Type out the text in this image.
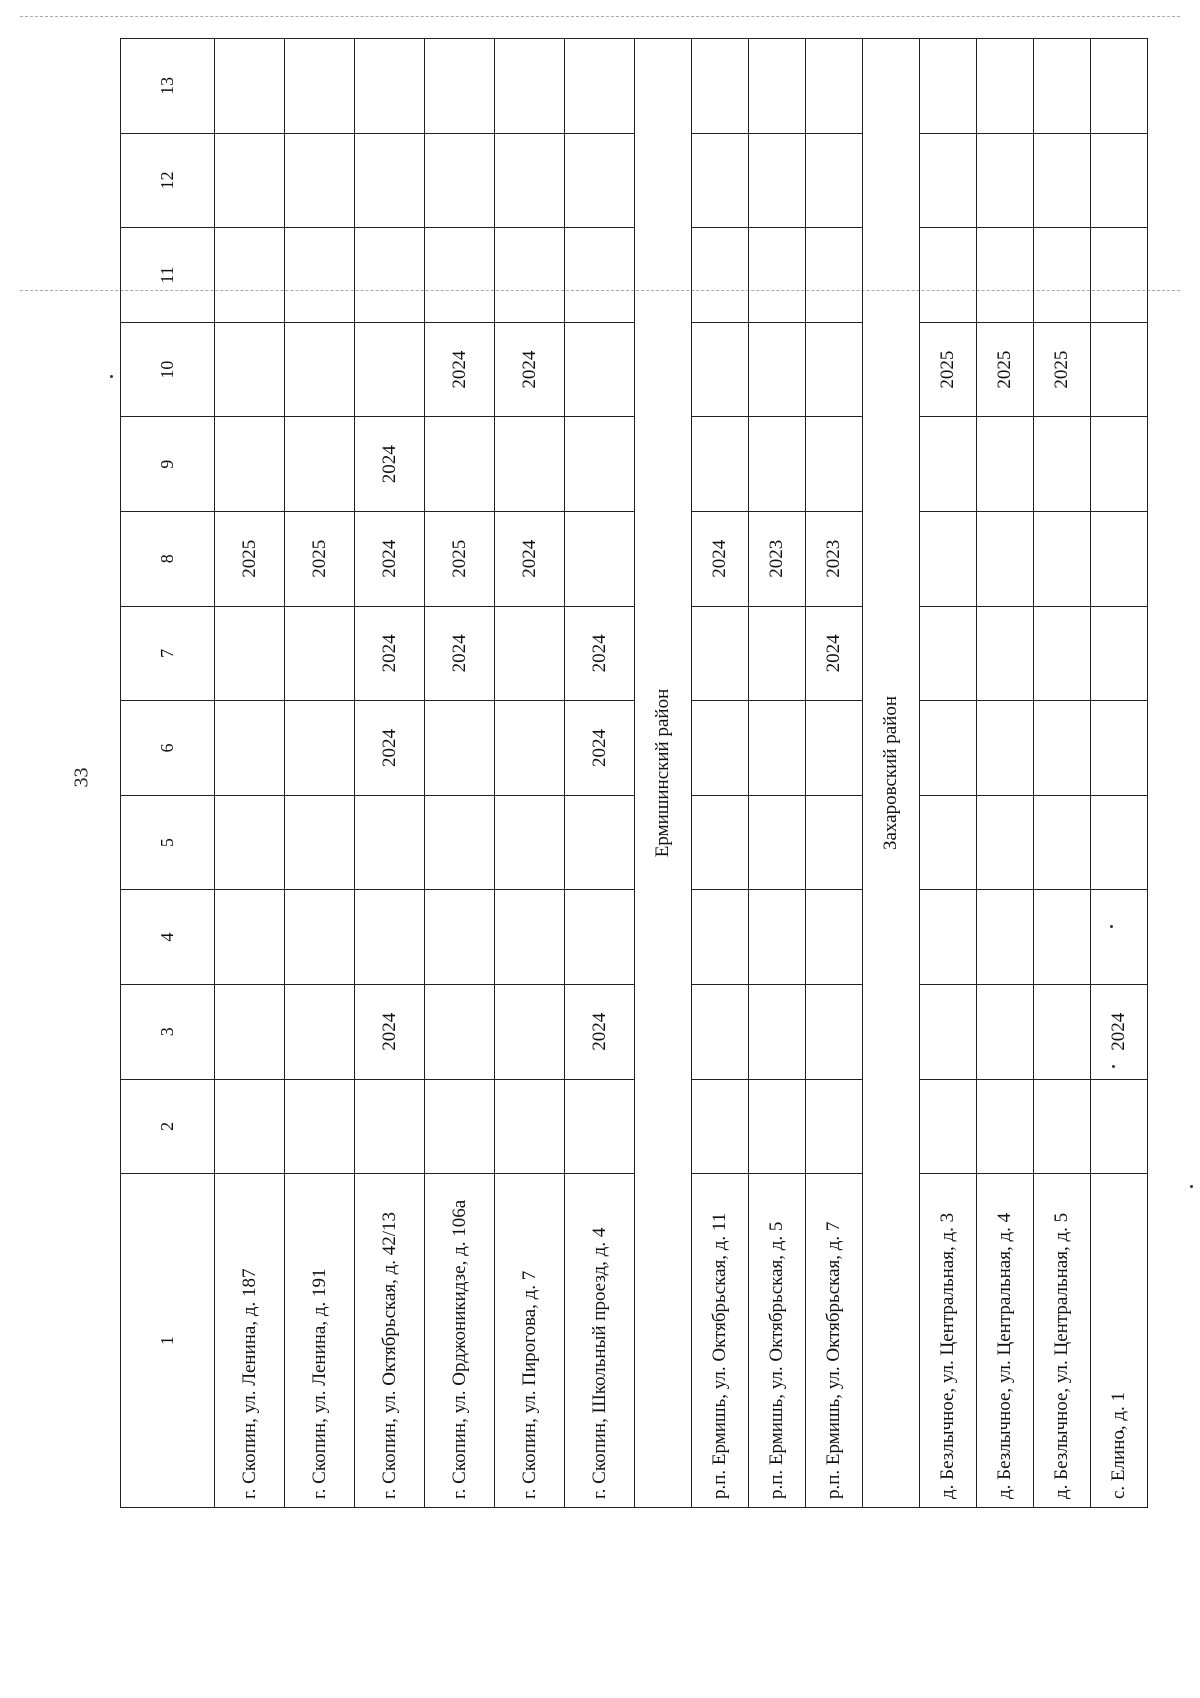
33
1	2	3	4	5	6	7	8	9	10	11	12	13
г. Скопин, ул. Ленина, д. 187							2025					
г. Скопин, ул. Ленина, д. 191							2025					
г. Скопин, ул. Октябрьская, д. 42/13		2024			2024	2024	2024	2024				
г. Скопин, ул. Орджоникидзе, д. 106а						2024	2025		2024			
г. Скопин, ул. Пирогова, д. 7							2024		2024			
г. Скопин, Школьный проезд, д. 4		2024			2024	2024						
Ермишинский район												
р.п. Ермишь, ул. Октябрьская, д. 11							2024					
р.п. Ермишь, ул. Октябрьская, д. 5							2023					
р.п. Ермишь, ул. Октябрьская, д. 7						2024	2023					
Захаровский район												
д. Безлычное, ул. Центральная, д. 3									2025			
д. Безлычное, ул. Центральная, д. 4									2025			
д. Безлычное, ул. Центральная, д. 5									2025			
с. Елино, д. 1		2024										
